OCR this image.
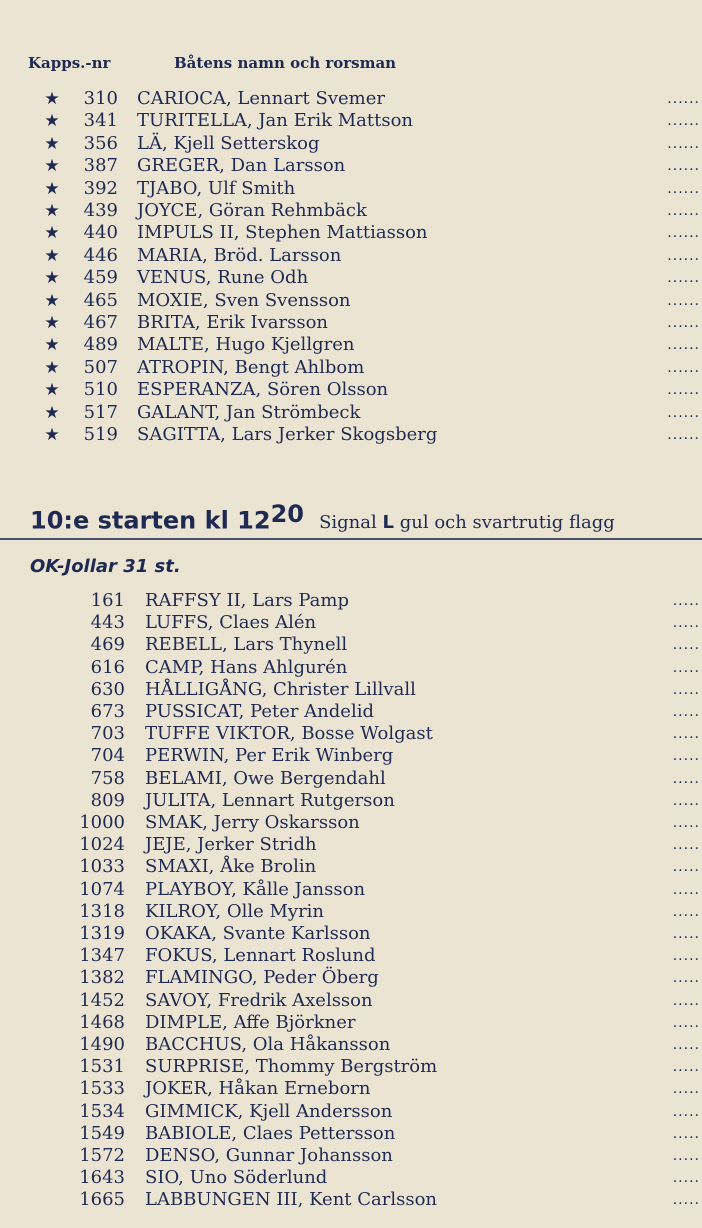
Kapps.-nr	Båtens namn och rorsman
★	310 CARIOCA, Lennart Svemer	......
★	341 TURITELLA, Jan Erik Mattson	......
★	356 LÄ, Kjell Setterskog	......
★	387 GREGER, Dan Larsson	......
★	392 TJABO, Ulf Smith	......
★	439 JOYCE, Göran Rehmbäck	......
★	440 IMPULS II, Stephen Mattiasson	......
★	446 MARIA, Bröd. Larsson	......
★	459 VENUS, Rune Odh	......
★	465 MOXIE, Sven Svensson	......
★	467 BRITA, Erik Ivarsson	......
★	489 MALTE, Hugo Kjellgren	......
★	507 ATROPIN, Bengt Ahlbom	......
★	510 ESPERANZA, Sören Olsson	......
★	517 GALANT, Jan Strömbeck	......
★	519 SAGITTA, Lars Jerker Skogsberg	......
10:e starten kl $12^{20}$ Signal L gul och svartrutig flagg
OK-Jollar 31 st.
161 RAFFSY II, Lars Pamp	.....
443 LUFFS, Claes Alén	.....
469 REBELL, Lars Thynell	.....
616 CAMP, Hans Ahlgurén	.....
630 HÅLLIGÅNG, Christer Lillvall	.....
673 PUSSICAT, Peter Andelid	.....
703 TUFFE VIKTOR, Bosse Wolgast	.....
704 PERWIN, Per Erik Winberg	.....
758 BELAMI, Owe Bergendahl	.....
809 JULITA, Lennart Rutgerson	.....
1000 SMAK, Jerry Oskarsson	.....
1024 JEJE, Jerker Stridh	.....
1033 SMAXI, Åke Brolin	.....
1074 PLAYBOY, Kålle Jansson	.....
1318 KILROY, Olle Myrin	.....
1319 OKAKA, Svante Karlsson	.....
1347 FOKUS, Lennart Roslund	.....
1382 FLAMINGO, Peder Öberg	.....
1452 SAVOY, Fredrik Axelsson	.....
1468 DIMPLE, Affe Björkner	.....
1490 BACCHUS, Ola Håkansson	.....
1531 SURPRISE, Thommy Bergström	.....
1533 JOKER, Håkan Erneborn	.....
1534 GIMMICK, Kjell Andersson	.....
1549 BABIOLE, Claes Pettersson	.....
1572 DENSO, Gunnar Johansson	.....
1643 SIO, Uno Söderlund	.....
1665 LABBUNGEN III, Kent Carlsson	.....
